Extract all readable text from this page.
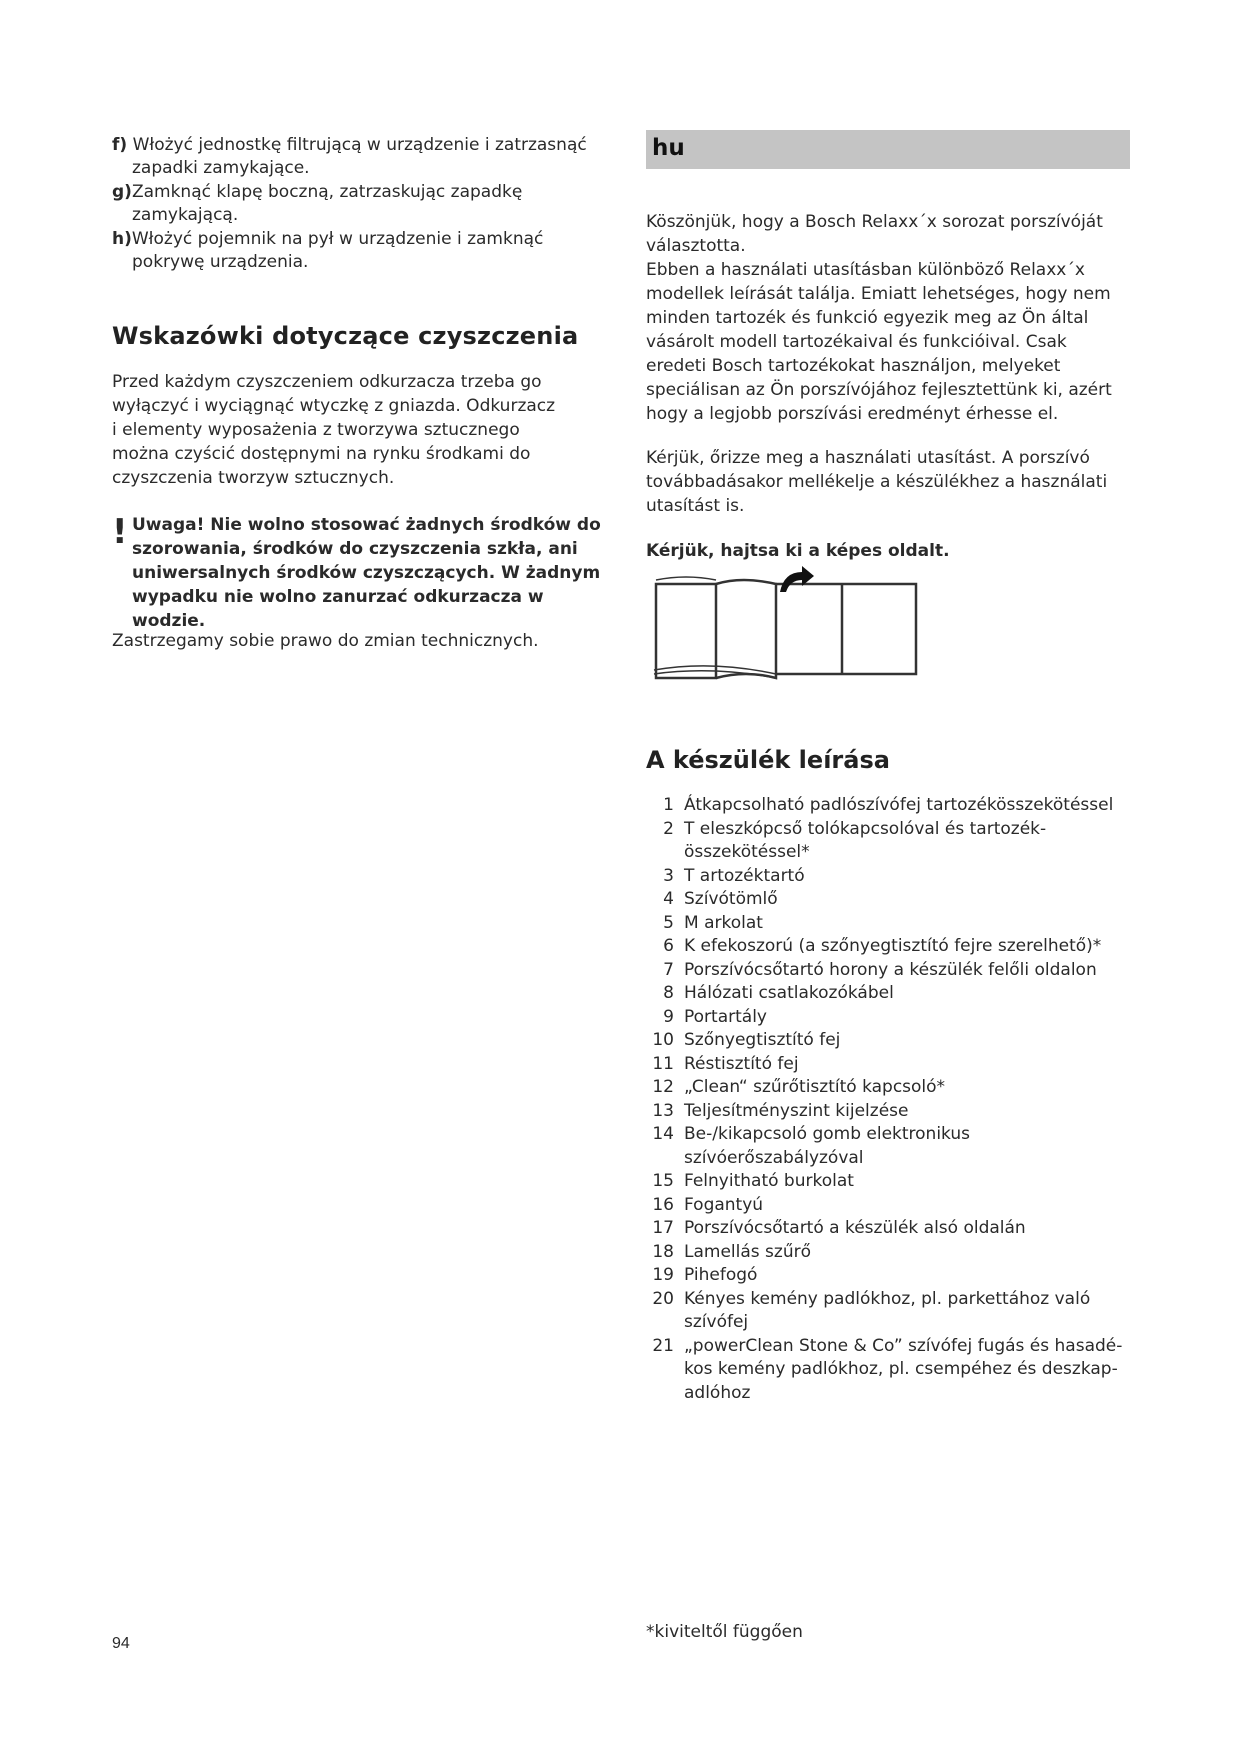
f) Włożyć jednostkę filtrującą w urządzenie i zatrzasnąć
zapadki zamykające.
g)Zamknąć klapę boczną, zatrzaskując zapadkę
zamykającą.
h)Włożyć pojemnik na pył w urządzenie i zamknąć
pokrywę urządzenia.
Wskazówki dotyczące czyszczenia

Przed każdym czyszczeniem odkurzacza trzeba go wyłączyć i wyciągnąć wtyczkę z gniazda. Odkurzacz i elementy wyposażenia z tworzywa sztucznego można czyścić dostępnymi na rynku środkami do czyszczenia tworzyw sztucznych.

! Uwaga! Nie wolno stosować żadnych środków do szorowania, środków do czyszczenia szkła, ani uniwersalnych środków czyszczących. W żadnym wypadku nie wolno zanurzać odkurzacza w wodzie.

Zastrzegamy sobie prawo do zmian technicznych.

hu

Köszönjük, hogy a Bosch Relaxx´x sorozat porszívóját választotta.

Ebben a használati utasításban különböző Relaxx´x modellek leírását találja. Emiatt lehetséges, hogy nem minden tartozék és funkció egyezik meg az Ön által vásárolt modell tartozékaival és funkcióival. Csak eredeti Bosch tartozékokat használjon, melyeket speciálisan az Ön porszívójához fejlesztettünk ki, azért hogy a legjobb porszívási eredményt érhesse el.

Kérjük, őrizze meg a használati utasítást. A porszívó továbbadásakor mellékelje a készülékhez a használati utasítást is.

Kérjük, hajtsa ki a képes oldalt.
A készülék leírása
1 Átkapcsolható padlószívófej tartozékösszekötéssel
2 T eleszkópcső tolókapcsolóval és tartozék-
összekötéssel*
3 T artozéktartó
4 Szívótömlő
5 M arkolat
6 K efekoszorú (a szőnyegtisztító fejre szerelhető)*
7 Porszívócsőtartó horony a készülék felőli oldalon
8 Hálózati csatlakozókábel
9 Portartály
10 Szőnyegtisztító fej
11 Réstisztító fej
12 „Clean“ szűrőtisztító kapcsoló*
13 Teljesítményszint kijelzése
14 Be-/kikapcsoló gomb elektronikus
szívóerőszabályzóval
15 Felnyitható burkolat
16 Fogantyú
17 Porszívócsőtartó a készülék alsó oldalán
18 Lamellás szűrő
19 Pihefogó
20 Kényes kemény padlókhoz, pl. parkettához való
szívófej
21 „powerClean Stone & Co” szívófej fugás és hasadé-
kos kemény padlókhoz, pl. csempéhez és deszkap-
adlóhoz
*kiviteltől függően
94
